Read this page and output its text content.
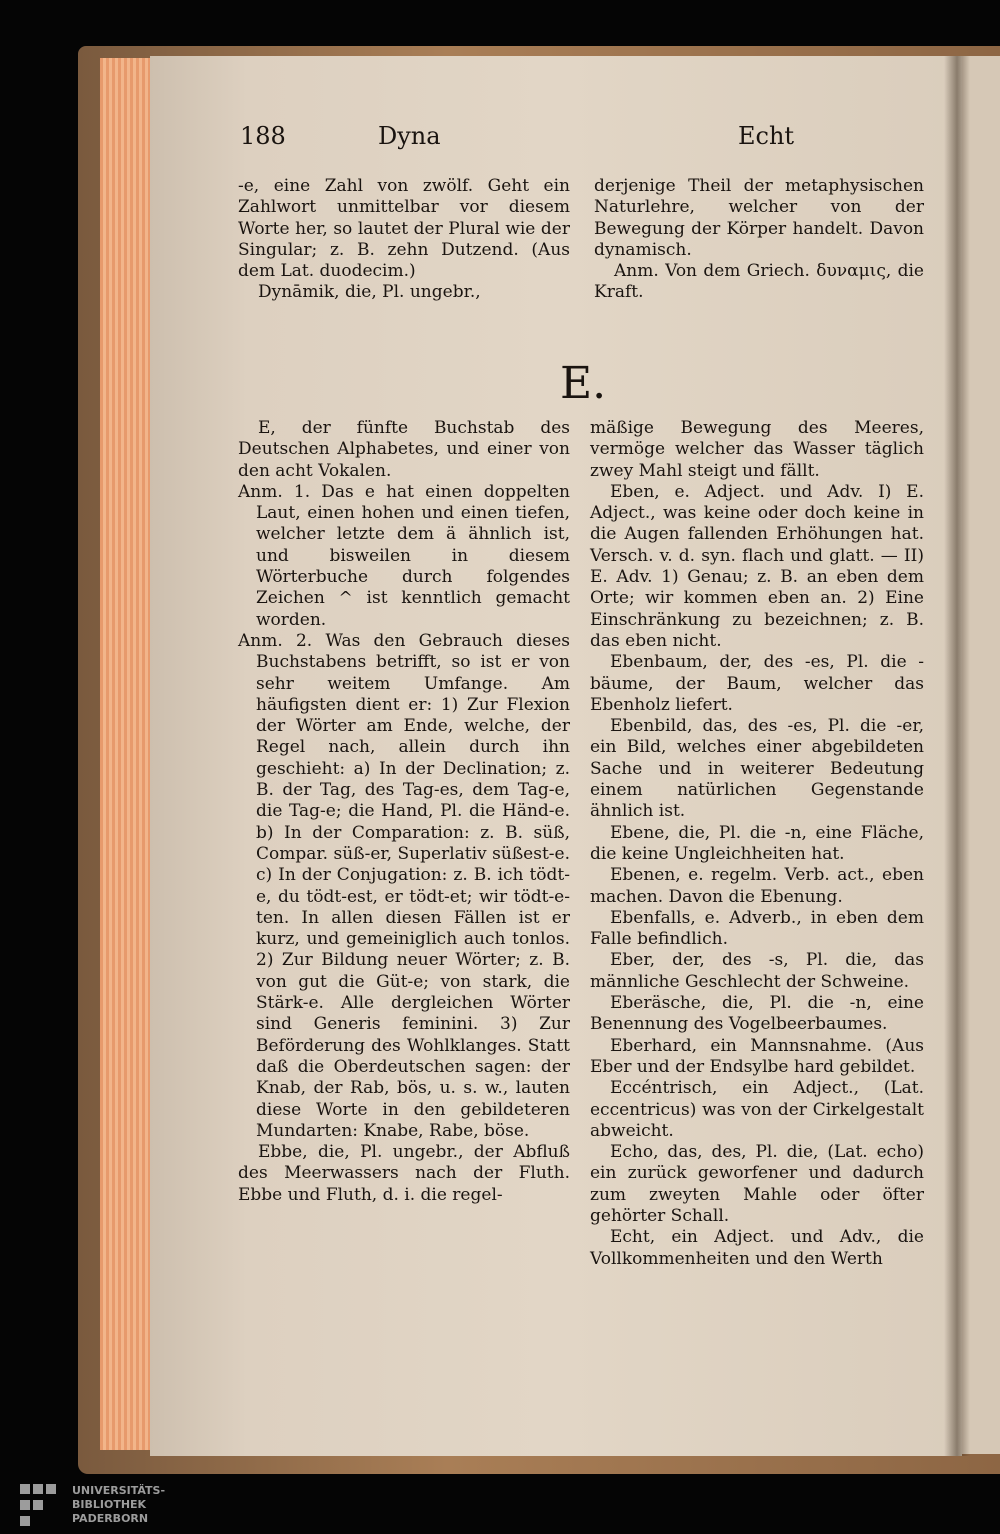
188	Dyna	Echt

-e, eine Zahl von zwölf. Geht ein Zahlwort unmittelbar vor diesem Worte her, so lautet der Plural wie der Singular; z. B. zehn Dutzend. (Aus dem Lat. duodecim.)

Dynāmik, die, Pl. ungebr.,

derjenige Theil der metaphysischen Naturlehre, welcher von der Bewegung der Körper handelt. Davon dynamisch.

Anm. Von dem Griech. δυναμις, die Kraft.

E.

E, der fünfte Buchstab des Deutschen Alphabetes, und einer von den acht Vokalen.

Anm. 1. Das e hat einen doppelten Laut, einen hohen und einen tiefen, welcher letzte dem ä ähnlich ist, und bisweilen in diesem Wörterbuche durch folgendes Zeichen ^ ist kenntlich gemacht worden.

Anm. 2. Was den Gebrauch dieses Buchstabens betrifft, so ist er von sehr weitem Umfange. Am häufigsten dient er: 1) Zur Flexion der Wörter am Ende, welche, der Regel nach, allein durch ihn geschieht: a) In der Declination; z. B. der Tag, des Tag-es, dem Tag-e, die Tag-e; die Hand, Pl. die Händ-e. b) In der Comparation: z. B. süß, Compar. süß-er, Superlativ süßest-e. c) In der Conjugation: z. B. ich tödt-e, du tödt-est, er tödt-et; wir tödt-e-ten. In allen diesen Fällen ist er kurz, und gemeiniglich auch tonlos. 2) Zur Bildung neuer Wörter; z. B. von gut die Güt-e; von stark, die Stärk-e. Alle dergleichen Wörter sind Generis feminini. 3) Zur Beförderung des Wohlklanges. Statt daß die Oberdeutschen sagen: der Knab, der Rab, bös, u. s. w., lauten diese Worte in den gebildeteren Mundarten: Knabe, Rabe, böse.

Ebbe, die, Pl. ungebr., der Abfluß des Meerwassers nach der Fluth. Ebbe und Fluth, d. i. die regel-

mäßige Bewegung des Meeres, vermöge welcher das Wasser täglich zwey Mahl steigt und fällt.

Eben, e. Adject. und Adv. I) E. Adject., was keine oder doch keine in die Augen fallenden Erhöhungen hat. Versch. v. d. syn. flach und glatt. — II) E. Adv. 1) Genau; z. B. an eben dem Orte; wir kommen eben an. 2) Eine Einschränkung zu bezeichnen; z. B. das eben nicht.

Ebenbaum, der, des -es, Pl. die -bäume, der Baum, welcher das Ebenholz liefert.

Ebenbild, das, des -es, Pl. die -er, ein Bild, welches einer abgebildeten Sache und in weiterer Bedeutung einem natürlichen Gegenstande ähnlich ist.

Ebene, die, Pl. die -n, eine Fläche, die keine Ungleichheiten hat.

Ebenen, e. regelm. Verb. act., eben machen. Davon die Ebenung.

Ebenfalls, e. Adverb., in eben dem Falle befindlich.

Eber, der, des -s, Pl. die, das männliche Geschlecht der Schweine.

Eberäsche, die, Pl. die -n, eine Benennung des Vogelbeerbaumes.

Eberhard, ein Mannsnahme. (Aus Eber und der Endsylbe hard gebildet.

Eccéntrisch, ein Adject., (Lat. eccentricus) was von der Cirkelgestalt abweicht.

Echo, das, des, Pl. die, (Lat. echo) ein zurück geworfener und dadurch zum zweyten Mahle oder öfter gehörter Schall.

Echt, ein Adject. und Adv., die Vollkommenheiten und den Werth

UNIVERSITÄTS-
BIBLIOTHEK
PADERBORN
